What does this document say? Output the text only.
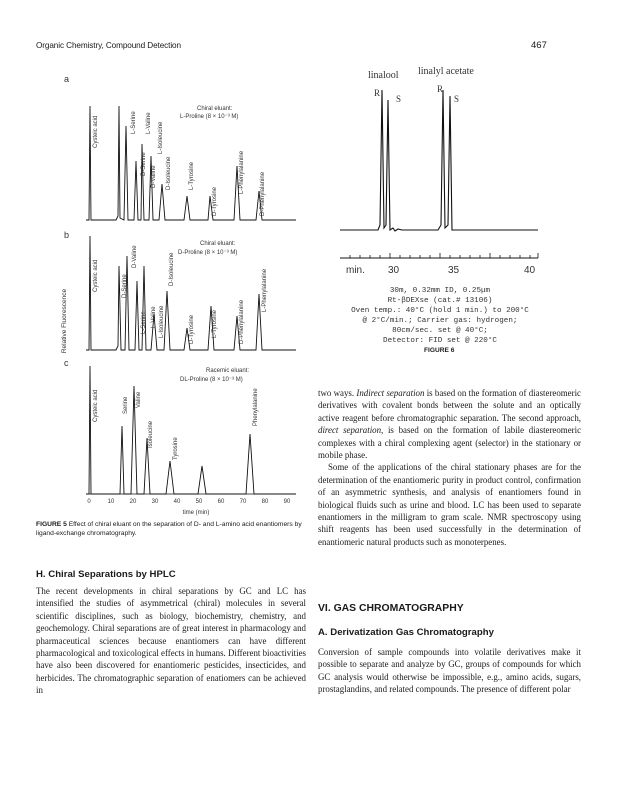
Organic Chemistry, Compound Detection	467
a
b
c
Relative Fluorescence
Chiral eluant:
L-Proline (8 × 10⁻³ M)
Chiral eluant:
D-Proline (8 × 10⁻³ M)
Racemic eluant:
DL-Proline (8 × 10⁻³ M)
Cysteic acid	L-Serine L-Valine
D-Serine
D-Valine
L-Isoleucine
D-Isoleucine
D-Tyrosine
L-Tyrosine	L-Phenylalanine	D-Phenylalanine
Cysteic acid	D-Serine
D-Valine
L-Serine L-Valine
D-Isoleucine
L-Isoleucine	D-Tyrosine	L-Tyrosine	D-Phenylalanine
L-Phenylalanine
Cysteic acid	Serine Valine
Isoleucine
Tyrosine
Phenylalanine
0	10	20	30	40	50	60	70	80	90
time (min)
FIGURE 5 Effect of chiral eluant on the separation of D- and L-amino acid enantiomers by ligand-exchange chromatography.
H. Chiral Separations by HPLC

The recent developments in chiral separations by GC and LC has intensified the studies of asymmetrical (chiral) molecules in several scientific disciplines, such as biology, biochemistry, chemistry, and geochemology. Chiral separations are of great interest in pharmacology and pharmaceutical sciences because enantiomers can have different pharmacological and toxicological effects in humans. Different bioactivities have also been discovered for enantiomeric pesticides, insecticides, and herbicides. The chromatographic separation of enatiomers can be achieved in

linalool linalyl acetate
R
S
R
S
min. 30	35	40
30m, 0.32mm ID, 0.25μm
Rt-βDEXse (cat.# 13106)
Oven temp.: 40°C (hold 1 min.) to 200°C
@ 2°C/min.; Carrier gas: hydrogen;
80cm/sec. set @ 40°C;
Detector: FID set @ 220°C
FIGURE 6

two ways. Indirect separation is based on the formation of diastereomeric derivatives with covalent bonds between the solute and an optically active reagent before chromatographic separation. The second approach, direct separation, is based on the formation of labile diastereomeric complexes with a chiral complexing agent (selector) in the stationary or mobile phase.

Some of the applications of the chiral stationary phases are for the determination of the enantiomeric purity in product control, confirmation of an asymmetric synthesis, and analysis of enantiomers found in biological fluids such as urine and blood. LC has been used to separate enantiomers in the milligram to gram scale. NMR spectroscopy using shift reagents has been used successfully in the determination of enantiomeric natural products such as monoterpenes.

VI. GAS CHROMATOGRAPHY
A. Derivatization Gas Chromatography

Conversion of sample compounds into volatile derivatives make it possible to separate and analyze by GC, groups of compounds for which GC analysis would otherwise be impossible, e.g., amino acids, sugars, prostaglandins, and related compounds. The presence of different polar
